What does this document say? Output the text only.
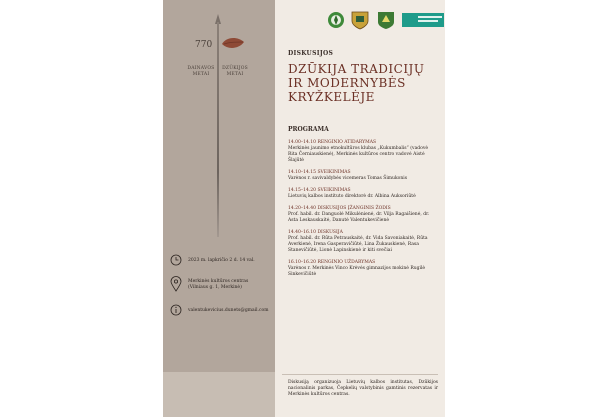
770
DAINAVOS METAI
DZŪKIJOS METAI
2023 m. lapkričio 2 d. 14 val.
Merkinės kultūros centras (Vilniaus g. 1, Merkinė)
valentukevicius.dunets@gmail.com
DISKUSIJOS
DZŪKIJA TRADICIJŲ
IR MODERNYBĖS
KRYŽKELĖJE
PROGRAMA
14.00–14.10 RENGINIO ATIDARYMAS
Merkinės jaunimo etnokultūros klubas „Kukumbalis“ (vadovė Rita Černiauskienė), Merkinės kultūros centro vadovė Aistė Šlajūtė
14.10–14.15 SVEIKINIMAS
Varėnos r. savivaldybės vicemeras Tomas Šimukonis
14.15–14.20 SVEIKINIMAS
Lietuvių kalbos instituto direktorė dr. Albina Auksoriūtė
14.20–14.40 DISKUSIJOS ĮŽANGINIS ŽODIS
Prof. habil. dr. Danguolė Mikulėnienė, dr. Vilja Ragaišienė, dr. Asta Leskauskaitė, Danutė Valentukevičienė
14.40–16.10 DISKUSIJA
Prof. habil. dr. Rūta Petrauskaitė, dr. Vida Savoniakaitė, Rūta Averkienė, Irena Gasperavičiūtė, Lina Žukauskienė, Rasa Stanevičiūtė, Lionė Lapinskienė ir kiti svečiai
16.10–16.20 RENGINIO UŽDARYMAS
Varėnos r. Merkinės Vinco Krėvės gimnazijos mokinė Rugilė Sinkevičiūtė
Diskusiją organizuoja Lietuvių kalbos institutas, Dzūkijos nacionalinis parkas, Čepkelių valstybinis gamtinis rezervatas ir Merkinės kultūros centras.
